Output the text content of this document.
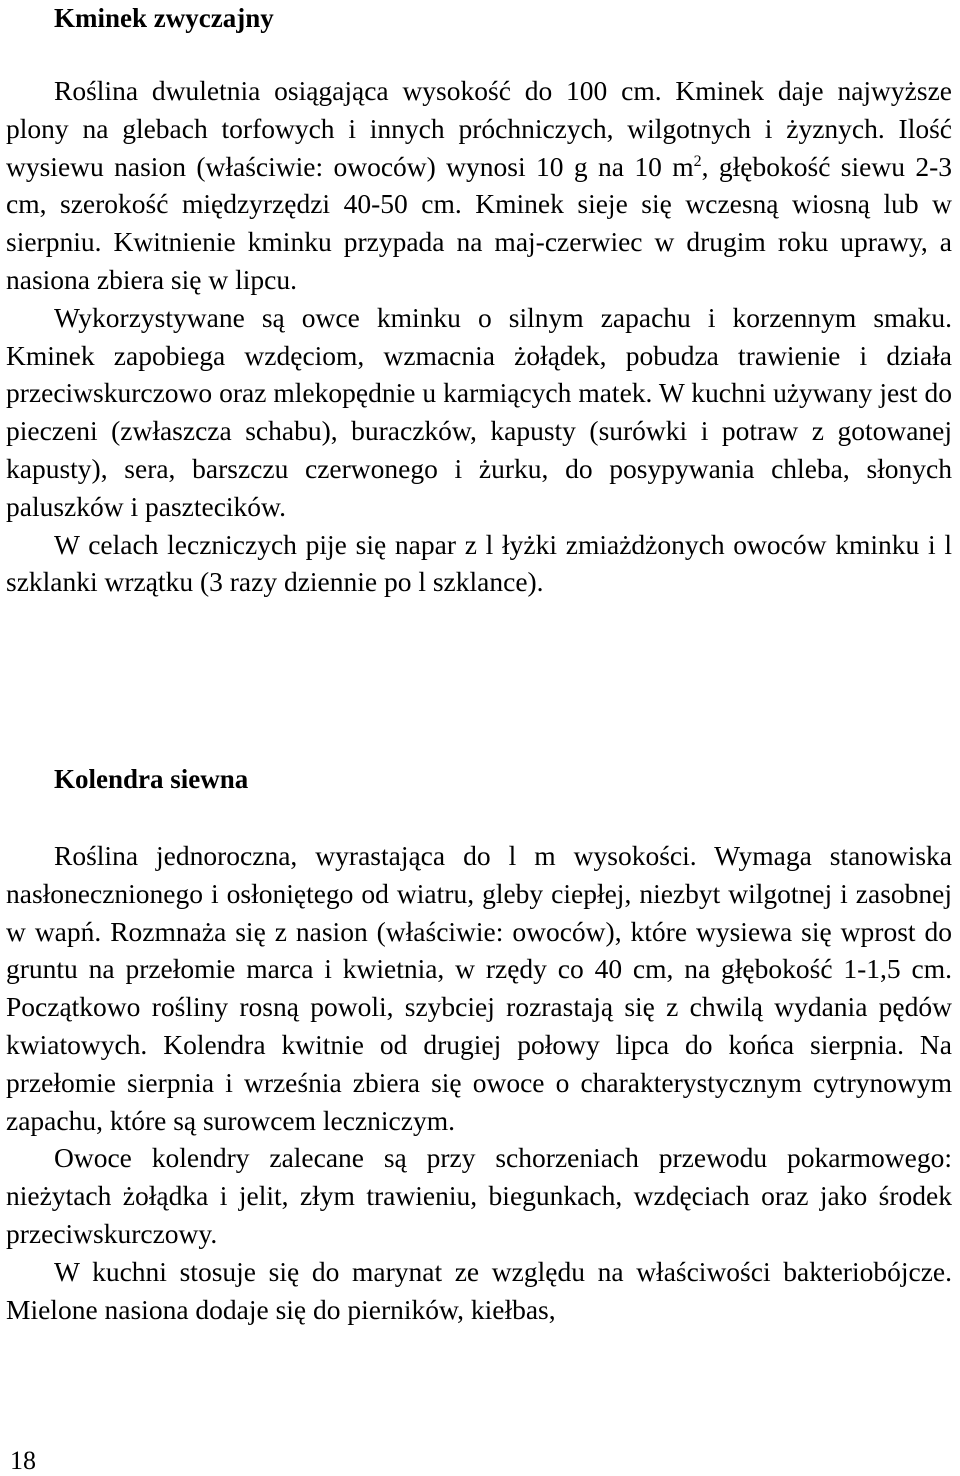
Kminek zwyczajny

Roślina dwuletnia osiągająca wysokość do 100 cm. Kminek daje najwyższe plony na glebach torfowych i innych próchniczych, wilgotnych i żyznych. Ilość wysiewu nasion (właściwie: owoców) wynosi 10 g na 10 $m^2$, głębokość siewu 2-3 cm, szerokość międzyrzędzi 40-50 cm. Kminek sieje się wczesną wiosną lub w sierpniu. Kwitnienie kminku przypada na maj-czerwiec w drugim roku uprawy, a nasiona zbiera się w lipcu.

Wykorzystywane są owce kminku o silnym zapachu i korzennym smaku. Kminek zapobiega wzdęciom, wzmacnia żołądek, pobudza trawienie i działa przeciwskurczowo oraz mlekopędnie u karmiących matek. W kuchni używany jest do pieczeni (zwłaszcza schabu), buraczków, kapusty (surówki i potraw z gotowanej kapusty), sera, barszczu czerwonego i żurku, do posypywania chleba, słonych paluszków i pasztecików.

W celach leczniczych pije się napar z l łyżki zmiażdżonych owoców kminku i l szklanki wrzątku (3 razy dziennie po l szklance).

Kolendra siewna

Roślina jednoroczna, wyrastająca do l m wysokości. Wymaga stanowiska nasłonecznionego i osłoniętego od wiatru, gleby ciepłej, niezbyt wilgotnej i zasobnej w wapń. Rozmnaża się z nasion (właściwie: owoców), które wysiewa się wprost do gruntu na przełomie marca i kwietnia, w rzędy co 40 cm, na głębokość 1-1,5 cm. Początkowo rośliny rosną powoli, szybciej rozrastają się z chwilą wydania pędów kwiatowych. Kolendra kwitnie od drugiej połowy lipca do końca sierpnia. Na przełomie sierpnia i września zbiera się owoce o charakterystycznym cytrynowym zapachu, które są surowcem leczniczym.

Owoce kolendry zalecane są przy schorzeniach przewodu pokarmowego: nieżytach żołądka i jelit, złym trawieniu, biegunkach, wzdęciach oraz jako środek przeciwskurczowy.

W kuchni stosuje się do marynat ze względu na właściwości bakteriobójcze. Mielone nasiona dodaje się do pierników, kiełbas,

18
